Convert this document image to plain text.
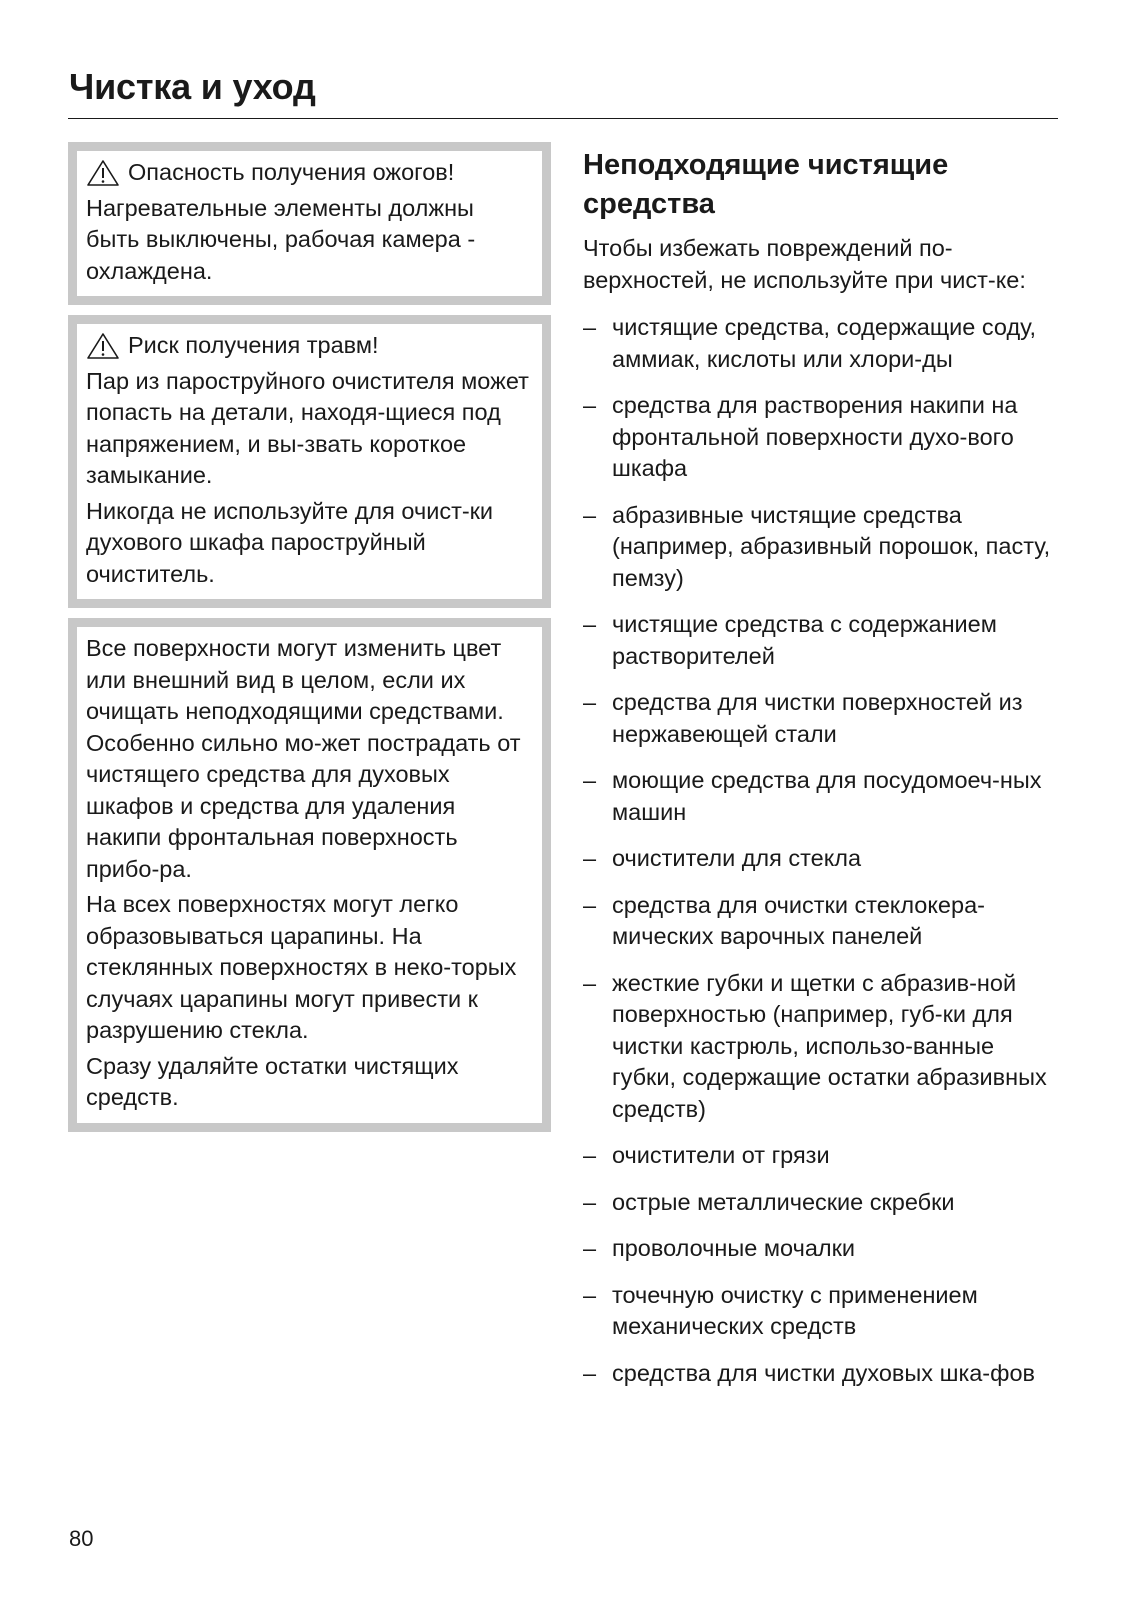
Чистка и уход

Опасность получения ожогов!

Нагревательные элементы должны быть выключены, рабочая камера - охлаждена.

Риск получения травм!

Пар из пароструйного очистителя может попасть на детали, находя-щиеся под напряжением, и вы-звать короткое замыкание.

Никогда не используйте для очист-ки духового шкафа пароструйный очиститель.

Все поверхности могут изменить цвет или внешний вид в целом, если их очищать неподходящими средствами. Особенно сильно мо-жет пострадать от чистящего средства для духовых шкафов и средства для удаления накипи фронтальная поверхность прибо-ра.

На всех поверхностях могут легко образовываться царапины. На стеклянных поверхностях в неко-торых случаях царапины могут привести к разрушению стекла.

Сразу удаляйте остатки чистящих средств.

Неподходящие чистящие средства

Чтобы избежать повреждений по-верхностей, не используйте при чист-ке:

– чистящие средства, содержащие соду, аммиак, кислоты или хлори-ды
– средства для растворения накипи на фронтальной поверхности духо-вого шкафа
– абразивные чистящие средства (например, абразивный порошок, пасту, пемзу)
– чистящие средства с содержанием растворителей
– средства для чистки поверхностей из нержавеющей стали
– моющие средства для посудомоеч-ных машин
– очистители для стекла
– средства для очистки стеклокера-мических варочных панелей
– жесткие губки и щетки с абразив-ной поверхностью (например, губ-ки для чистки кастрюль, использо-ванные губки, содержащие остатки абразивных средств)
– очистители от грязи
– острые металлические скребки
– проволочные мочалки
– точечную очистку с применением механических средств
– средства для чистки духовых шка-фов
80
